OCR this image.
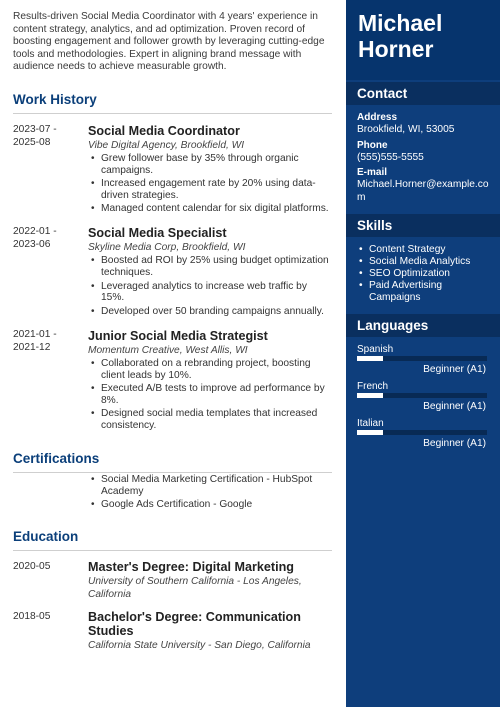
Results-driven Social Media Coordinator with 4 years' experience in content strategy, analytics, and ad optimization. Proven record of boosting engagement and follower growth by leveraging cutting-edge tools and methodologies. Expert in aligning brand message with audience needs to achieve measurable growth.

Work History
2023-07 -
2025-08
Social Media Coordinator
Vibe Digital Agency, Brookfield, WI
• Grew follower base by 35% through organic campaigns.
• Increased engagement rate by 20% using data-driven strategies.
• Managed content calendar for six digital platforms.
2022-01 -
2023-06
Social Media Specialist
Skyline Media Corp, Brookfield, WI
• Boosted ad ROI by 25% using budget optimization techniques.
• Leveraged analytics to increase web traffic by 15%.
• Developed over 50 branding campaigns annually.
2021-01 -
2021-12
Junior Social Media Strategist
Momentum Creative, West Allis, WI
• Collaborated on a rebranding project, boosting client leads by 10%.
• Executed A/B tests to improve ad performance by 8%.
• Designed social media templates that increased consistency.
Certifications
• Social Media Marketing Certification - HubSpot Academy
• Google Ads Certification - Google
Education
2020-05	Master's Degree: Digital Marketing
University of Southern California - Los Angeles, California
2018-05	Bachelor's Degree: Communication Studies
California State University - San Diego, California
Michael
Horner
Contact
Address
Brookfield, WI, 53005
Phone
(555)555-5555
E-mail
Michael.Horner@example.com
Skills
• Content Strategy
• Social Media Analytics
• SEO Optimization
• Paid Advertising Campaigns
Languages
Spanish
Beginner (A1)
French
Beginner (A1)
Italian
Beginner (A1)
